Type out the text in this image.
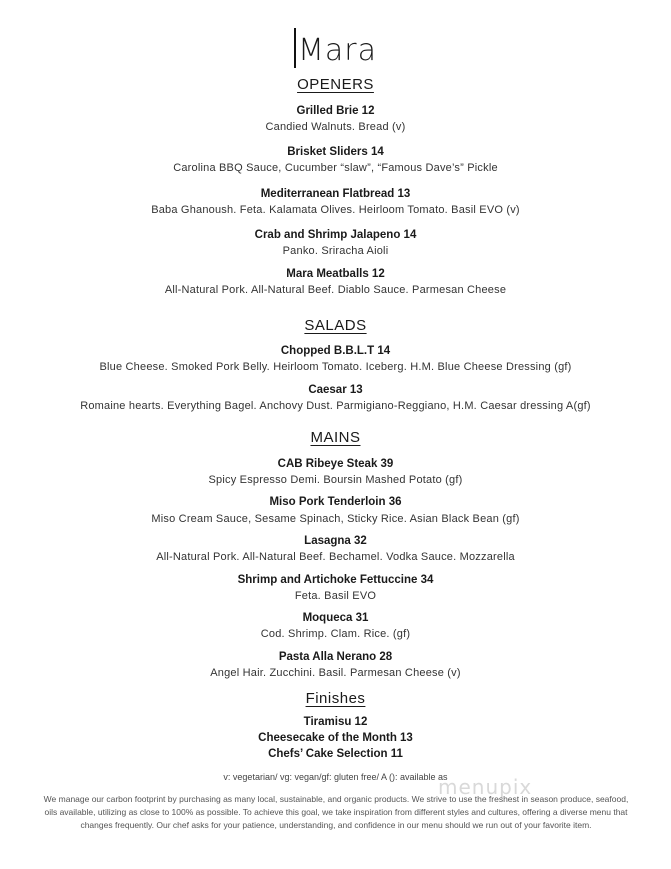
Mara
OPENERS
Grilled Brie 12
Candied Walnuts. Bread (v)
Brisket Sliders 14
Carolina BBQ Sauce, Cucumber “slaw”, “Famous Dave’s” Pickle
Mediterranean Flatbread 13
Baba Ghanoush. Feta. Kalamata Olives. Heirloom Tomato. Basil EVO (v)
Crab and Shrimp Jalapeno 14
Panko. Sriracha Aioli
Mara Meatballs 12
All-Natural Pork. All-Natural Beef. Diablo Sauce. Parmesan Cheese
SALADS
Chopped B.B.L.T 14
Blue Cheese. Smoked Pork Belly. Heirloom Tomato. Iceberg. H.M. Blue Cheese Dressing (gf)
Caesar 13
Romaine hearts. Everything Bagel. Anchovy Dust. Parmigiano-Reggiano, H.M. Caesar dressing A(gf)
MAINS
CAB Ribeye Steak 39
Spicy Espresso Demi. Boursin Mashed Potato (gf)
Miso Pork Tenderloin 36
Miso Cream Sauce, Sesame Spinach, Sticky Rice. Asian Black Bean (gf)
Lasagna 32
All-Natural Pork. All-Natural Beef. Bechamel. Vodka Sauce. Mozzarella
Shrimp and Artichoke Fettuccine 34
Feta. Basil EVO
Moqueca 31
Cod. Shrimp. Clam. Rice. (gf)
Pasta Alla Nerano 28
Angel Hair. Zucchini. Basil. Parmesan Cheese (v)
Finishes
Tiramisu 12
Cheesecake of the Month 13
Chefs’ Cake Selection 11
menupix
v: vegetarian/ vg: vegan/gf: gluten free/ A (): available as
We manage our carbon footprint by purchasing as many local, sustainable, and organic products. We strive to use the freshest in season produce, seafood, oils available, utilizing as close to 100% as possible. To achieve this goal, we take inspiration from different styles and cultures, offering a diverse menu that changes frequently. Our chef asks for your patience, understanding, and confidence in our menu should we run out of your favorite item.
